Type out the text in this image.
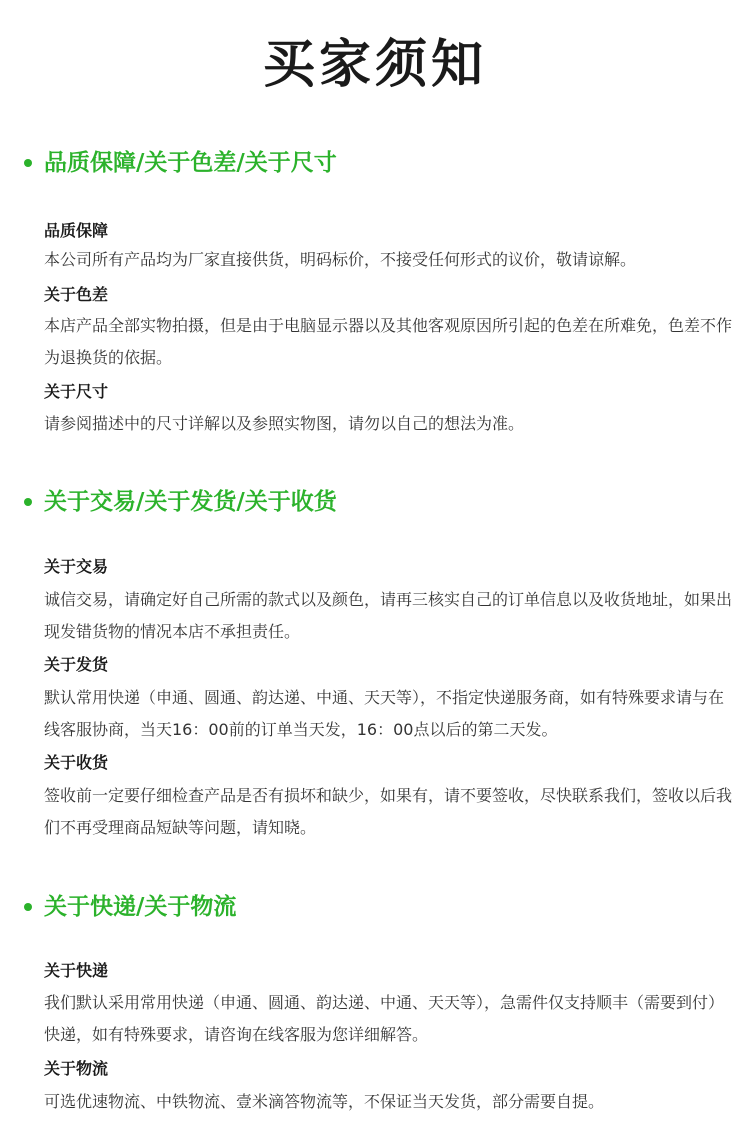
买家须知
品质保障/关于色差/关于尺寸
品质保障
本公司所有产品均为厂家直接供货，明码标价，不接受任何形式的议价，敬请谅解。
关于色差
本店产品全部实物拍摄，但是由于电脑显示器以及其他客观原因所引起的色差在所难免，色差不作为退换货的依据。
关于尺寸
请参阅描述中的尺寸详解以及参照实物图，请勿以自己的想法为准。
关于交易/关于发货/关于收货
关于交易
诚信交易，请确定好自己所需的款式以及颜色，请再三核实自己的订单信息以及收货地址，如果出现发错货物的情况本店不承担责任。
关于发货
默认常用快递（申通、圆通、韵达递、中通、天天等），不指定快递服务商，如有特殊要求请与在线客服协商，当天16：00前的订单当天发，16：00点以后的第二天发。
关于收货
签收前一定要仔细检查产品是否有损坏和缺少，如果有，请不要签收，尽快联系我们，签收以后我们不再受理商品短缺等问题，请知晓。
关于快递/关于物流
关于快递
我们默认采用常用快递（申通、圆通、韵达递、中通、天天等），急需件仅支持顺丰（需要到付）快递，如有特殊要求，请咨询在线客服为您详细解答。
关于物流
可选优速物流、中铁物流、壹米滴答物流等，不保证当天发货，部分需要自提。
